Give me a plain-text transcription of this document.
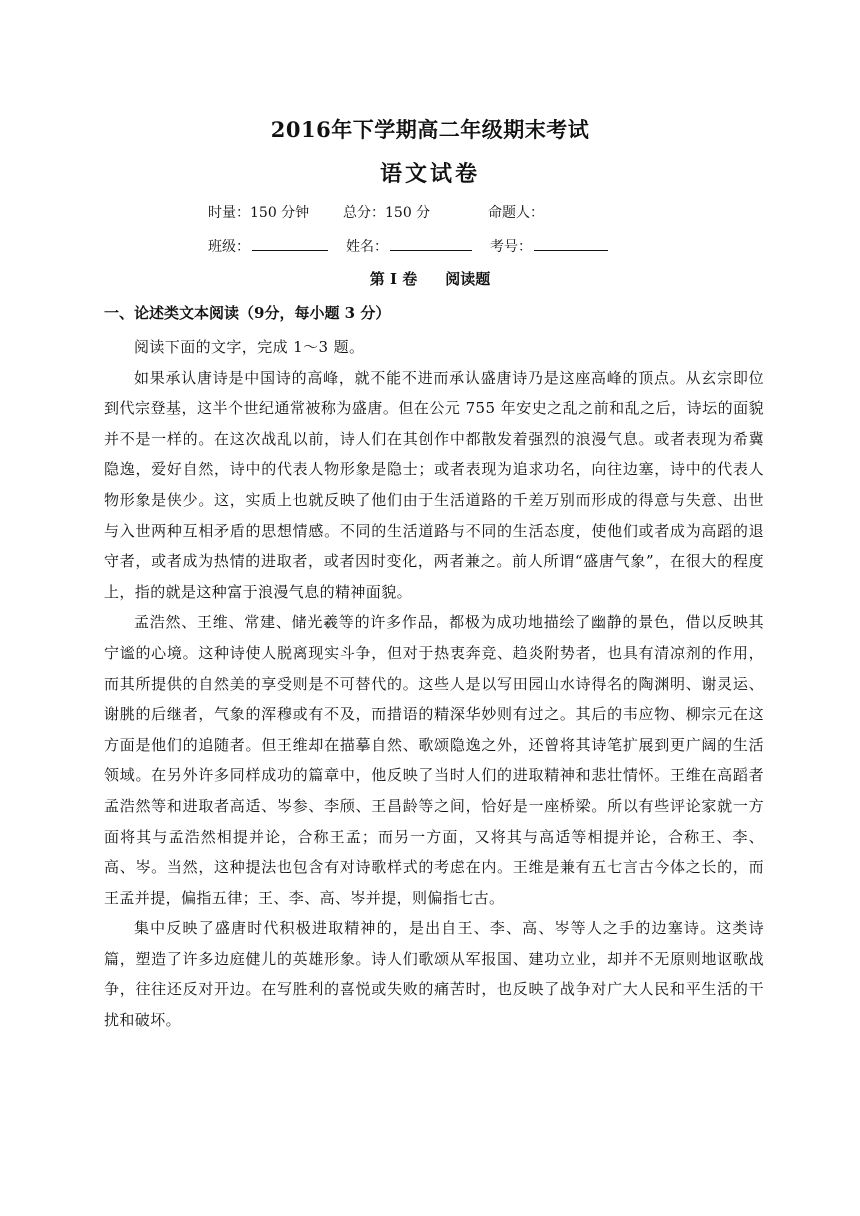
2016年下学期高二年级期末考试
语文试卷
时量：150 分钟 总分：150 分	命题人：
班级：	姓名：	考号：
第 I 卷 阅读题
一、论述类文本阅读（9分，每小题 3 分）

阅读下面的文字，完成 1～3 题。

如果承认唐诗是中国诗的高峰，就不能不进而承认盛唐诗乃是这座高峰的顶点。从玄宗即位到代宗登基，这半个世纪通常被称为盛唐。但在公元 755 年安史之乱之前和乱之后，诗坛的面貌并不是一样的。在这次战乱以前，诗人们在其创作中都散发着强烈的浪漫气息。或者表现为希冀隐逸，爱好自然，诗中的代表人物形象是隐士；或者表现为追求功名，向往边塞，诗中的代表人物形象是侠少。这，实质上也就反映了他们由于生活道路的千差万别而形成的得意与失意、出世与入世两种互相矛盾的思想情感。不同的生活道路与不同的生活态度，使他们或者成为高蹈的退守者，或者成为热情的进取者，或者因时变化，两者兼之。前人所谓“盛唐气象”，在很大的程度上，指的就是这种富于浪漫气息的精神面貌。

孟浩然、王维、常建、储光羲等的许多作品，都极为成功地描绘了幽静的景色，借以反映其宁谧的心境。这种诗使人脱离现实斗争，但对于热衷奔竞、趋炎附势者，也具有清凉剂的作用，而其所提供的自然美的享受则是不可替代的。这些人是以写田园山水诗得名的陶渊明、谢灵运、谢朓的后继者，气象的浑穆或有不及，而措语的精深华妙则有过之。其后的韦应物、柳宗元在这方面是他们的追随者。但王维却在描摹自然、歌颂隐逸之外，还曾将其诗笔扩展到更广阔的生活领域。在另外许多同样成功的篇章中，他反映了当时人们的进取精神和悲壮情怀。王维在高蹈者孟浩然等和进取者高适、岑参、李颀、王昌龄等之间，恰好是一座桥梁。所以有些评论家就一方面将其与孟浩然相提并论，合称王孟；而另一方面，又将其与高适等相提并论，合称王、李、高、岑。当然，这种提法也包含有对诗歌样式的考虑在内。王维是兼有五七言古今体之长的，而王孟并提，偏指五律；王、李、高、岑并提，则偏指七古。

集中反映了盛唐时代积极进取精神的，是出自王、李、高、岑等人之手的边塞诗。这类诗篇，塑造了许多边庭健儿的英雄形象。诗人们歌颂从军报国、建功立业，却并不无原则地讴歌战争，往往还反对开边。在写胜利的喜悦或失败的痛苦时，也反映了战争对广大人民和平生活的干扰和破坏。
